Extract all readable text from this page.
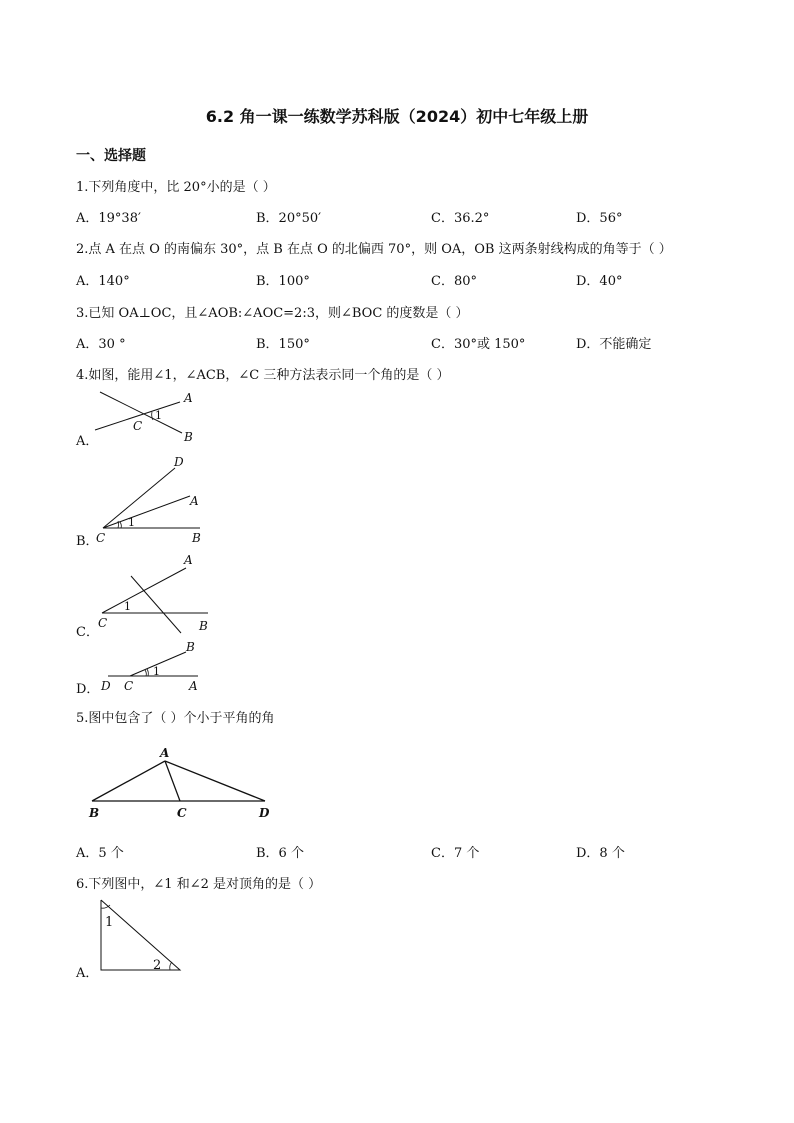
6.2 角一课一练数学苏科版（2024）初中七年级上册
一、选择题
1.下列角度中，比 20°小的是（ ）
A．19°38′	B．20°50′	C．36.2°	D．56°
2.点 A 在点 O 的南偏东 30°，点 B 在点 O 的北偏西 70°，则 OA，OB 这两条射线构成的角等于（ ）
A．140°	B．100°	C．80°	D．40°
3.已知 OA⊥OC，且∠AOB:∠AOC=2:3，则∠BOC 的度数是（ ）
A．30 °	B．150°	C．30°或 150°	D．不能确定
4.如图，能用∠1，∠ACB，∠C 三种方法表示同一个角的是（ ）
A．
A
B
C
1
B．
D
A
C	B
1
C．
A
C	B
1
D．
B
D C	A
1
5.图中包含了（ ）个小于平角的角
A
B	C	D
A．5 个	B．6 个	C．7 个	D．8 个
6.下列图中，∠1 和∠2 是对顶角的是（ ）
A．
1
2
